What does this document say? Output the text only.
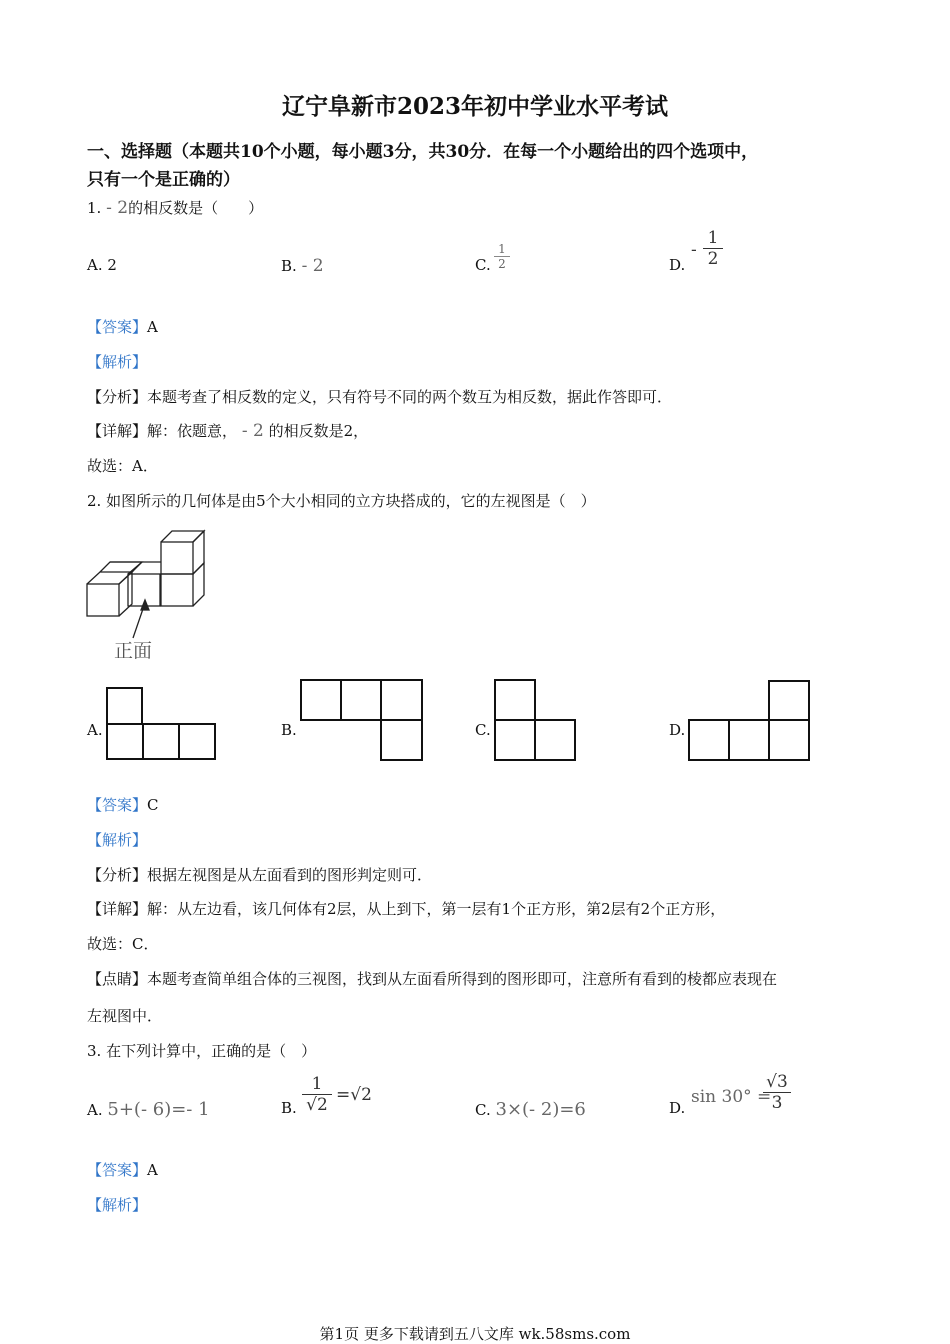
辽宁阜新市2023年初中学业水平考试
一、选择题（本题共10个小题，每小题3分，共30分．在每一个小题给出的四个选项中，
只有一个是正确的）
1. - 2的相反数是（　　）
A. 2	B. - 2	C.
1
2	D.
-
1
2
【答案】A
【解析】
【分析】本题考查了相反数的定义，只有符号不同的两个数互为相反数，据此作答即可．
【详解】解：依题意， - 2 的相反数是2，
故选：A．
2. 如图所示的几何体是由5个大小相同的立方块搭成的，它的左视图是（　）
正面
A.	B.	C.	D.
【答案】C
【解析】
【分析】根据左视图是从左面看到的图形判定则可．
【详解】解：从左边看，该几何体有2层，从上到下，第一层有1个正方形，第2层有2个正方形，
故选：C．
【点睛】本题考查简单组合体的三视图，找到从左面看所得到的图形即可，注意所有看到的棱都应表现在
左视图中．
3. 在下列计算中，正确的是（　）
A. 5+(- 6)=- 1	B.
1
√2 =√2
C. 3×(- 2)=6	D.
sin 30° =
√3
3
【答案】A
【解析】
第1页 更多下载请到五八文库 wk.58sms.com
